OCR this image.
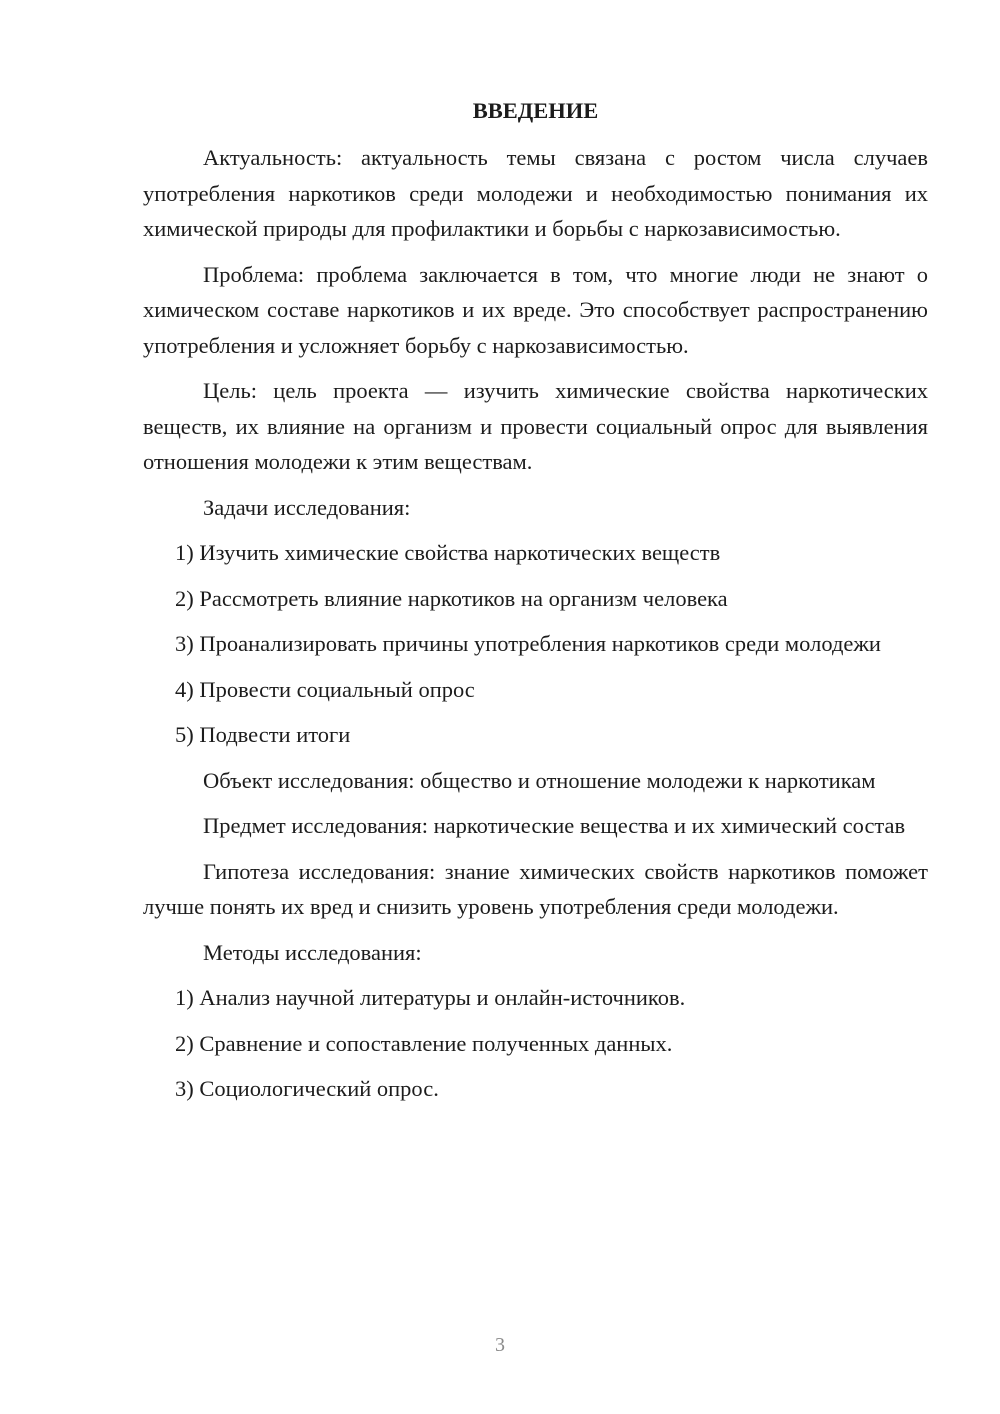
ВВЕДЕНИЕ

Актуальность: актуальность темы связана с ростом числа случаев употребления наркотиков среди молодежи и необходимостью понимания их химической природы для профилактики и борьбы с наркозависимостью.

Проблема: проблема заключается в том, что многие люди не знают о химическом составе наркотиков и их вреде. Это способствует распространению употребления и усложняет борьбу с наркозависимостью.

Цель: цель проекта — изучить химические свойства наркотических веществ, их влияние на организм и провести социальный опрос для выявления отношения молодежи к этим веществам.

Задачи исследования:

1) Изучить химические свойства наркотических веществ

2) Рассмотреть влияние наркотиков на организм человека

3) Проанализировать причины употребления наркотиков среди молодежи

4) Провести социальный опрос

5) Подвести итоги

Объект исследования: общество и отношение молодежи к наркотикам

Предмет исследования: наркотические вещества и их химический состав

Гипотеза исследования: знание химических свойств наркотиков поможет лучше понять их вред и снизить уровень употребления среди молодежи.

Методы исследования:

1) Анализ научной литературы и онлайн-источников.

2) Сравнение и сопоставление полученных данных.

3) Социологический опрос.

3
